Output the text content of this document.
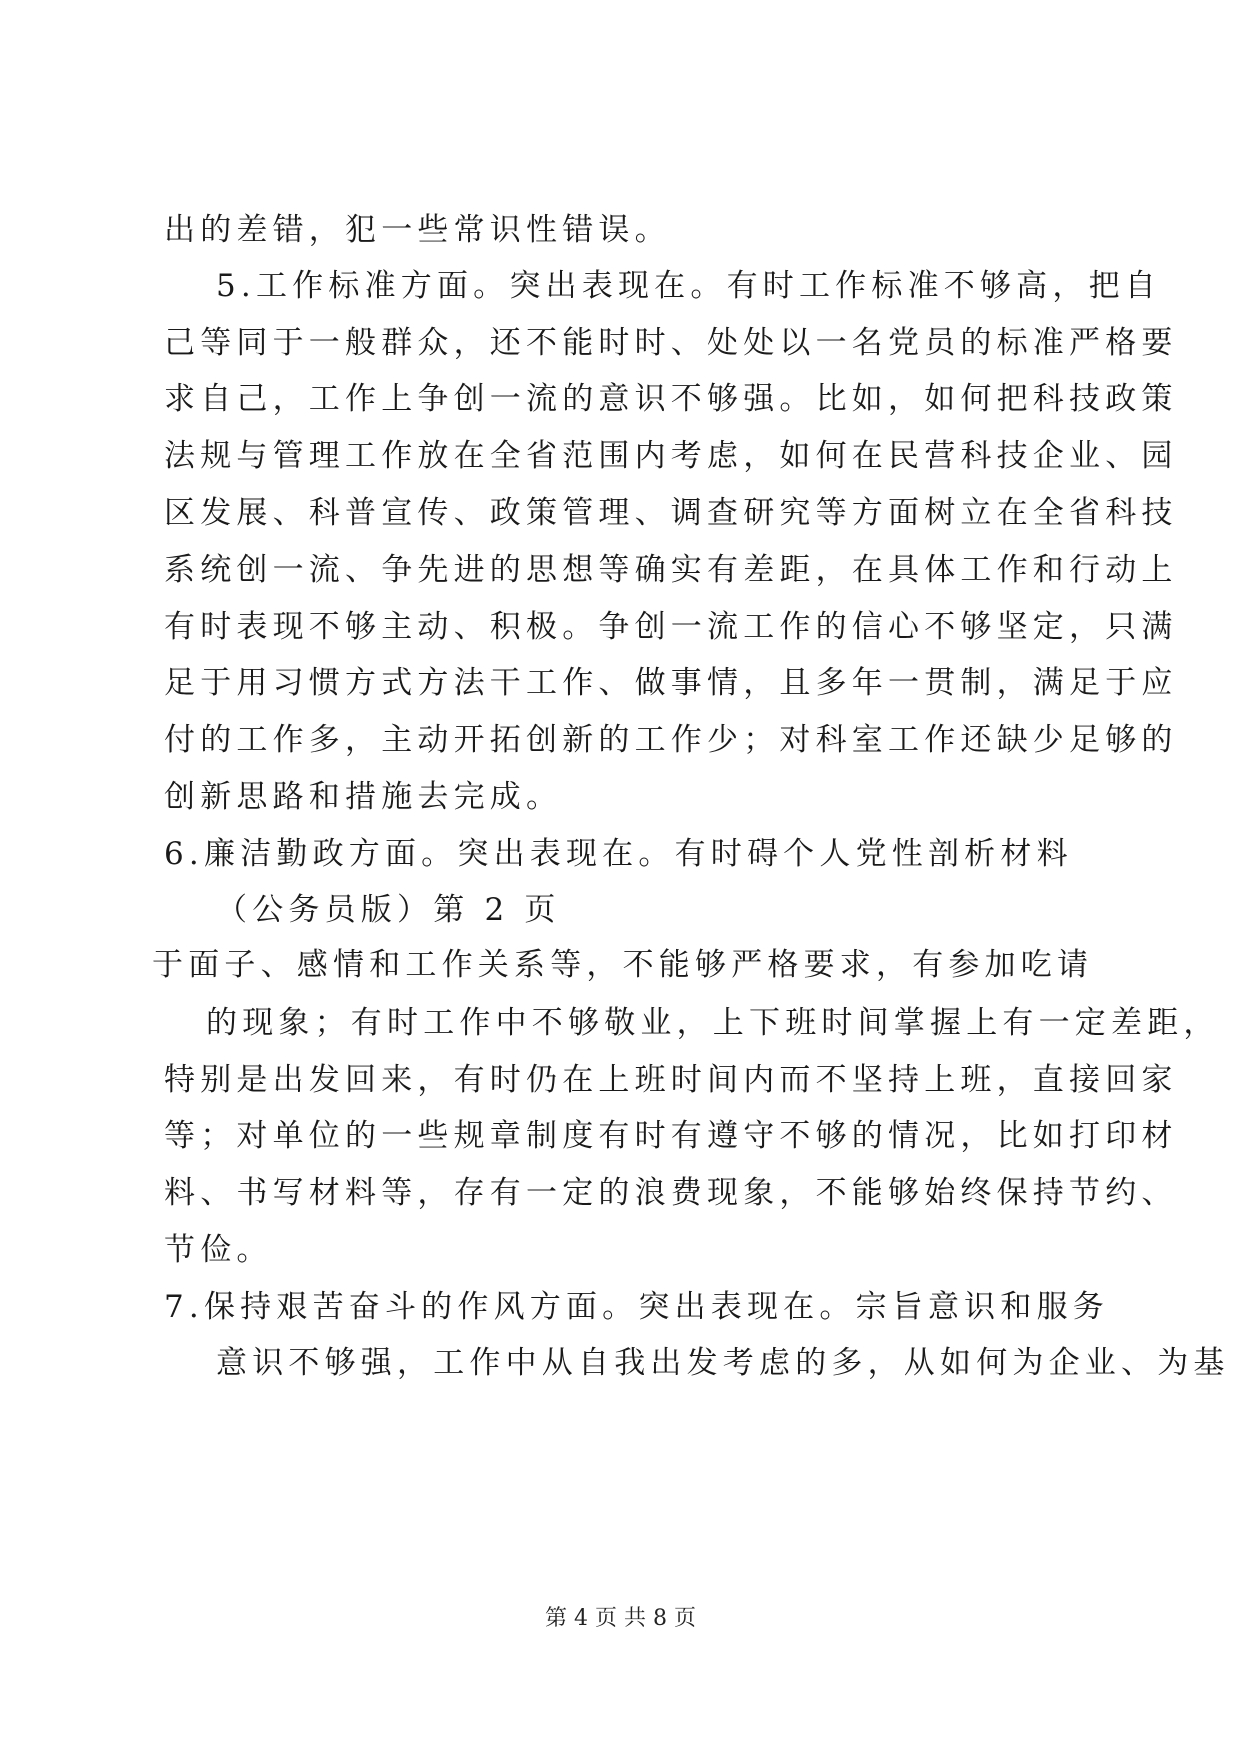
出的差错，犯一些常识性错误。

5.工作标准方面。突出表现在。有时工作标准不够高，把自

己等同于一般群众，还不能时时、处处以一名党员的标准严格要

求自己，工作上争创一流的意识不够强。比如，如何把科技政策

法规与管理工作放在全省范围内考虑，如何在民营科技企业、园

区发展、科普宣传、政策管理、调查研究等方面树立在全省科技

系统创一流、争先进的思想等确实有差距，在具体工作和行动上

有时表现不够主动、积极。争创一流工作的信心不够坚定，只满

足于用习惯方式方法干工作、做事情，且多年一贯制，满足于应

付的工作多，主动开拓创新的工作少；对科室工作还缺少足够的

创新思路和措施去完成。

6.廉洁勤政方面。突出表现在。有时碍个人党性剖析材料

（公务员版）第 2 页

于面子、感情和工作关系等，不能够严格要求，有参加吃请

的现象；有时工作中不够敬业，上下班时间掌握上有一定差距，

特别是出发回来，有时仍在上班时间内而不坚持上班，直接回家

等；对单位的一些规章制度有时有遵守不够的情况，比如打印材

料、书写材料等，存有一定的浪费现象，不能够始终保持节约、

节俭。

7.保持艰苦奋斗的作风方面。突出表现在。宗旨意识和服务

意识不够强，工作中从自我出发考虑的多，从如何为企业、为基

第 4 页 共 8 页
